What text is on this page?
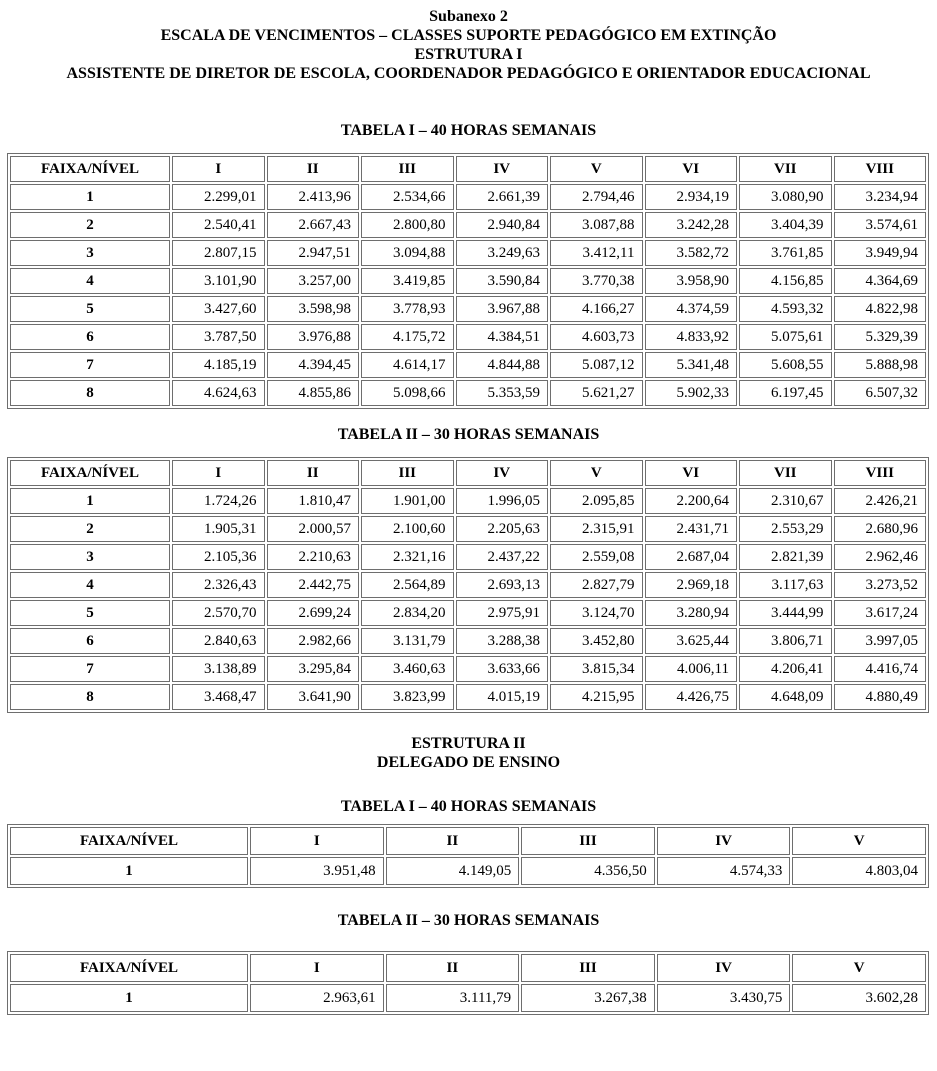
Subanexo 2
ESCALA DE VENCIMENTOS – CLASSES SUPORTE PEDAGÓGICO EM EXTINÇÃO
ESTRUTURA I
ASSISTENTE DE DIRETOR DE ESCOLA, COORDENADOR PEDAGÓGICO E ORIENTADOR EDUCACIONAL
TABELA I – 40 HORAS SEMANAIS
FAIXA/NÍVEL	I	II	III	IV	V	VI	VII	VIII
1	2.299,01	2.413,96	2.534,66	2.661,39	2.794,46	2.934,19	3.080,90	3.234,94
2	2.540,41	2.667,43	2.800,80	2.940,84	3.087,88	3.242,28	3.404,39	3.574,61
3	2.807,15	2.947,51	3.094,88	3.249,63	3.412,11	3.582,72	3.761,85	3.949,94
4	3.101,90	3.257,00	3.419,85	3.590,84	3.770,38	3.958,90	4.156,85	4.364,69
5	3.427,60	3.598,98	3.778,93	3.967,88	4.166,27	4.374,59	4.593,32	4.822,98
6	3.787,50	3.976,88	4.175,72	4.384,51	4.603,73	4.833,92	5.075,61	5.329,39
7	4.185,19	4.394,45	4.614,17	4.844,88	5.087,12	5.341,48	5.608,55	5.888,98
8	4.624,63	4.855,86	5.098,66	5.353,59	5.621,27	5.902,33	6.197,45	6.507,32
TABELA II – 30 HORAS SEMANAIS
FAIXA/NÍVEL	I	II	III	IV	V	VI	VII	VIII
1	1.724,26	1.810,47	1.901,00	1.996,05	2.095,85	2.200,64	2.310,67	2.426,21
2	1.905,31	2.000,57	2.100,60	2.205,63	2.315,91	2.431,71	2.553,29	2.680,96
3	2.105,36	2.210,63	2.321,16	2.437,22	2.559,08	2.687,04	2.821,39	2.962,46
4	2.326,43	2.442,75	2.564,89	2.693,13	2.827,79	2.969,18	3.117,63	3.273,52
5	2.570,70	2.699,24	2.834,20	2.975,91	3.124,70	3.280,94	3.444,99	3.617,24
6	2.840,63	2.982,66	3.131,79	3.288,38	3.452,80	3.625,44	3.806,71	3.997,05
7	3.138,89	3.295,84	3.460,63	3.633,66	3.815,34	4.006,11	4.206,41	4.416,74
8	3.468,47	3.641,90	3.823,99	4.015,19	4.215,95	4.426,75	4.648,09	4.880,49
ESTRUTURA II
DELEGADO DE ENSINO
TABELA I – 40 HORAS SEMANAIS
FAIXA/NÍVEL	I	II	III	IV	V
1	3.951,48	4.149,05	4.356,50	4.574,33	4.803,04
TABELA II – 30 HORAS SEMANAIS
FAIXA/NÍVEL	I	II	III	IV	V
1	2.963,61	3.111,79	3.267,38	3.430,75	3.602,28
